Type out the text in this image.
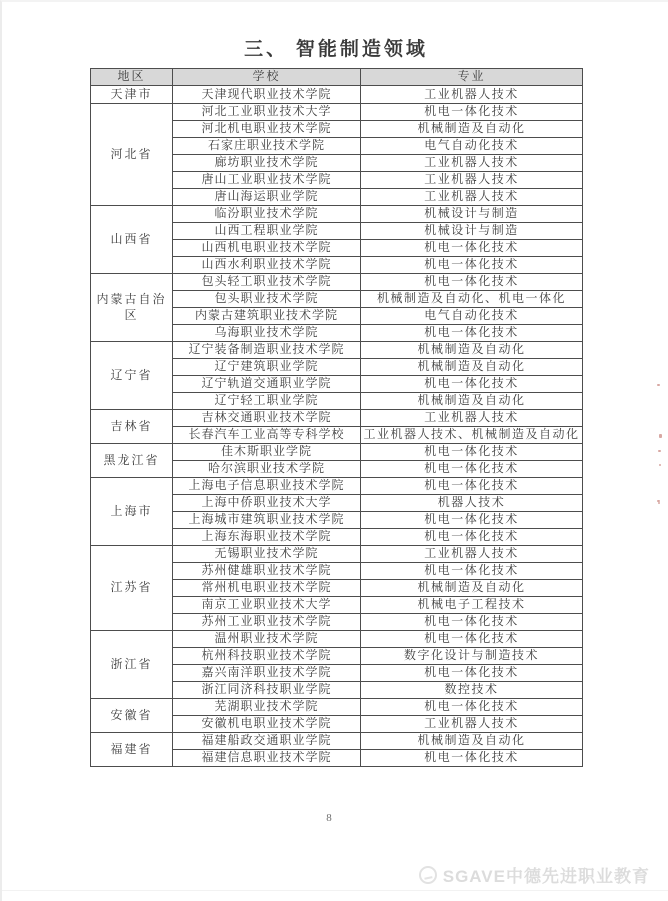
三、 智能制造领域
地区	学校	专业
天津市	天津现代职业技术学院	工业机器人技术
河北省	河北工业职业技术大学	机电一体化技术
	河北机电职业技术学院	机械制造及自动化
	石家庄职业技术学院	电气自动化技术
	廊坊职业技术学院	工业机器人技术
	唐山工业职业技术学院	工业机器人技术
	唐山海运职业学院	工业机器人技术
山西省	临汾职业技术学院	机械设计与制造
	山西工程职业学院	机械设计与制造
	山西机电职业技术学院	机电一体化技术
	山西水利职业技术学院	机电一体化技术
内蒙古自治区	包头轻工职业技术学院	机电一体化技术
	包头职业技术学院	机械制造及自动化、机电一体化
	内蒙古建筑职业技术学院	电气自动化技术
	乌海职业技术学院	机电一体化技术
辽宁省	辽宁装备制造职业技术学院	机械制造及自动化
	辽宁建筑职业学院	机械制造及自动化
	辽宁轨道交通职业学院	机电一体化技术
	辽宁轻工职业学院	机械制造及自动化
吉林省	吉林交通职业技术学院	工业机器人技术
	长春汽车工业高等专科学校	工业机器人技术、机械制造及自动化
黑龙江省	佳木斯职业学院	机电一体化技术
	哈尔滨职业技术学院	机电一体化技术
上海市	上海电子信息职业技术学院	机电一体化技术
	上海中侨职业技术大学	机器人技术
	上海城市建筑职业技术学院	机电一体化技术
	上海东海职业技术学院	机电一体化技术
江苏省	无锡职业技术学院	工业机器人技术
	苏州健雄职业技术学院	机电一体化技术
	常州机电职业技术学院	机械制造及自动化
	南京工业职业技术大学	机械电子工程技术
	苏州工业职业技术学院	机电一体化技术
浙江省	温州职业技术学院	机电一体化技术
	杭州科技职业技术学院	数字化设计与制造技术
	嘉兴南洋职业技术学院	机电一体化技术
	浙江同济科技职业学院	数控技术
安徽省	芜湖职业技术学院	机电一体化技术
	安徽机电职业技术学院	工业机器人技术
福建省	福建船政交通职业学院	机械制造及自动化
	福建信息职业技术学院	机电一体化技术
8
SGAVE中德先进职业教育
